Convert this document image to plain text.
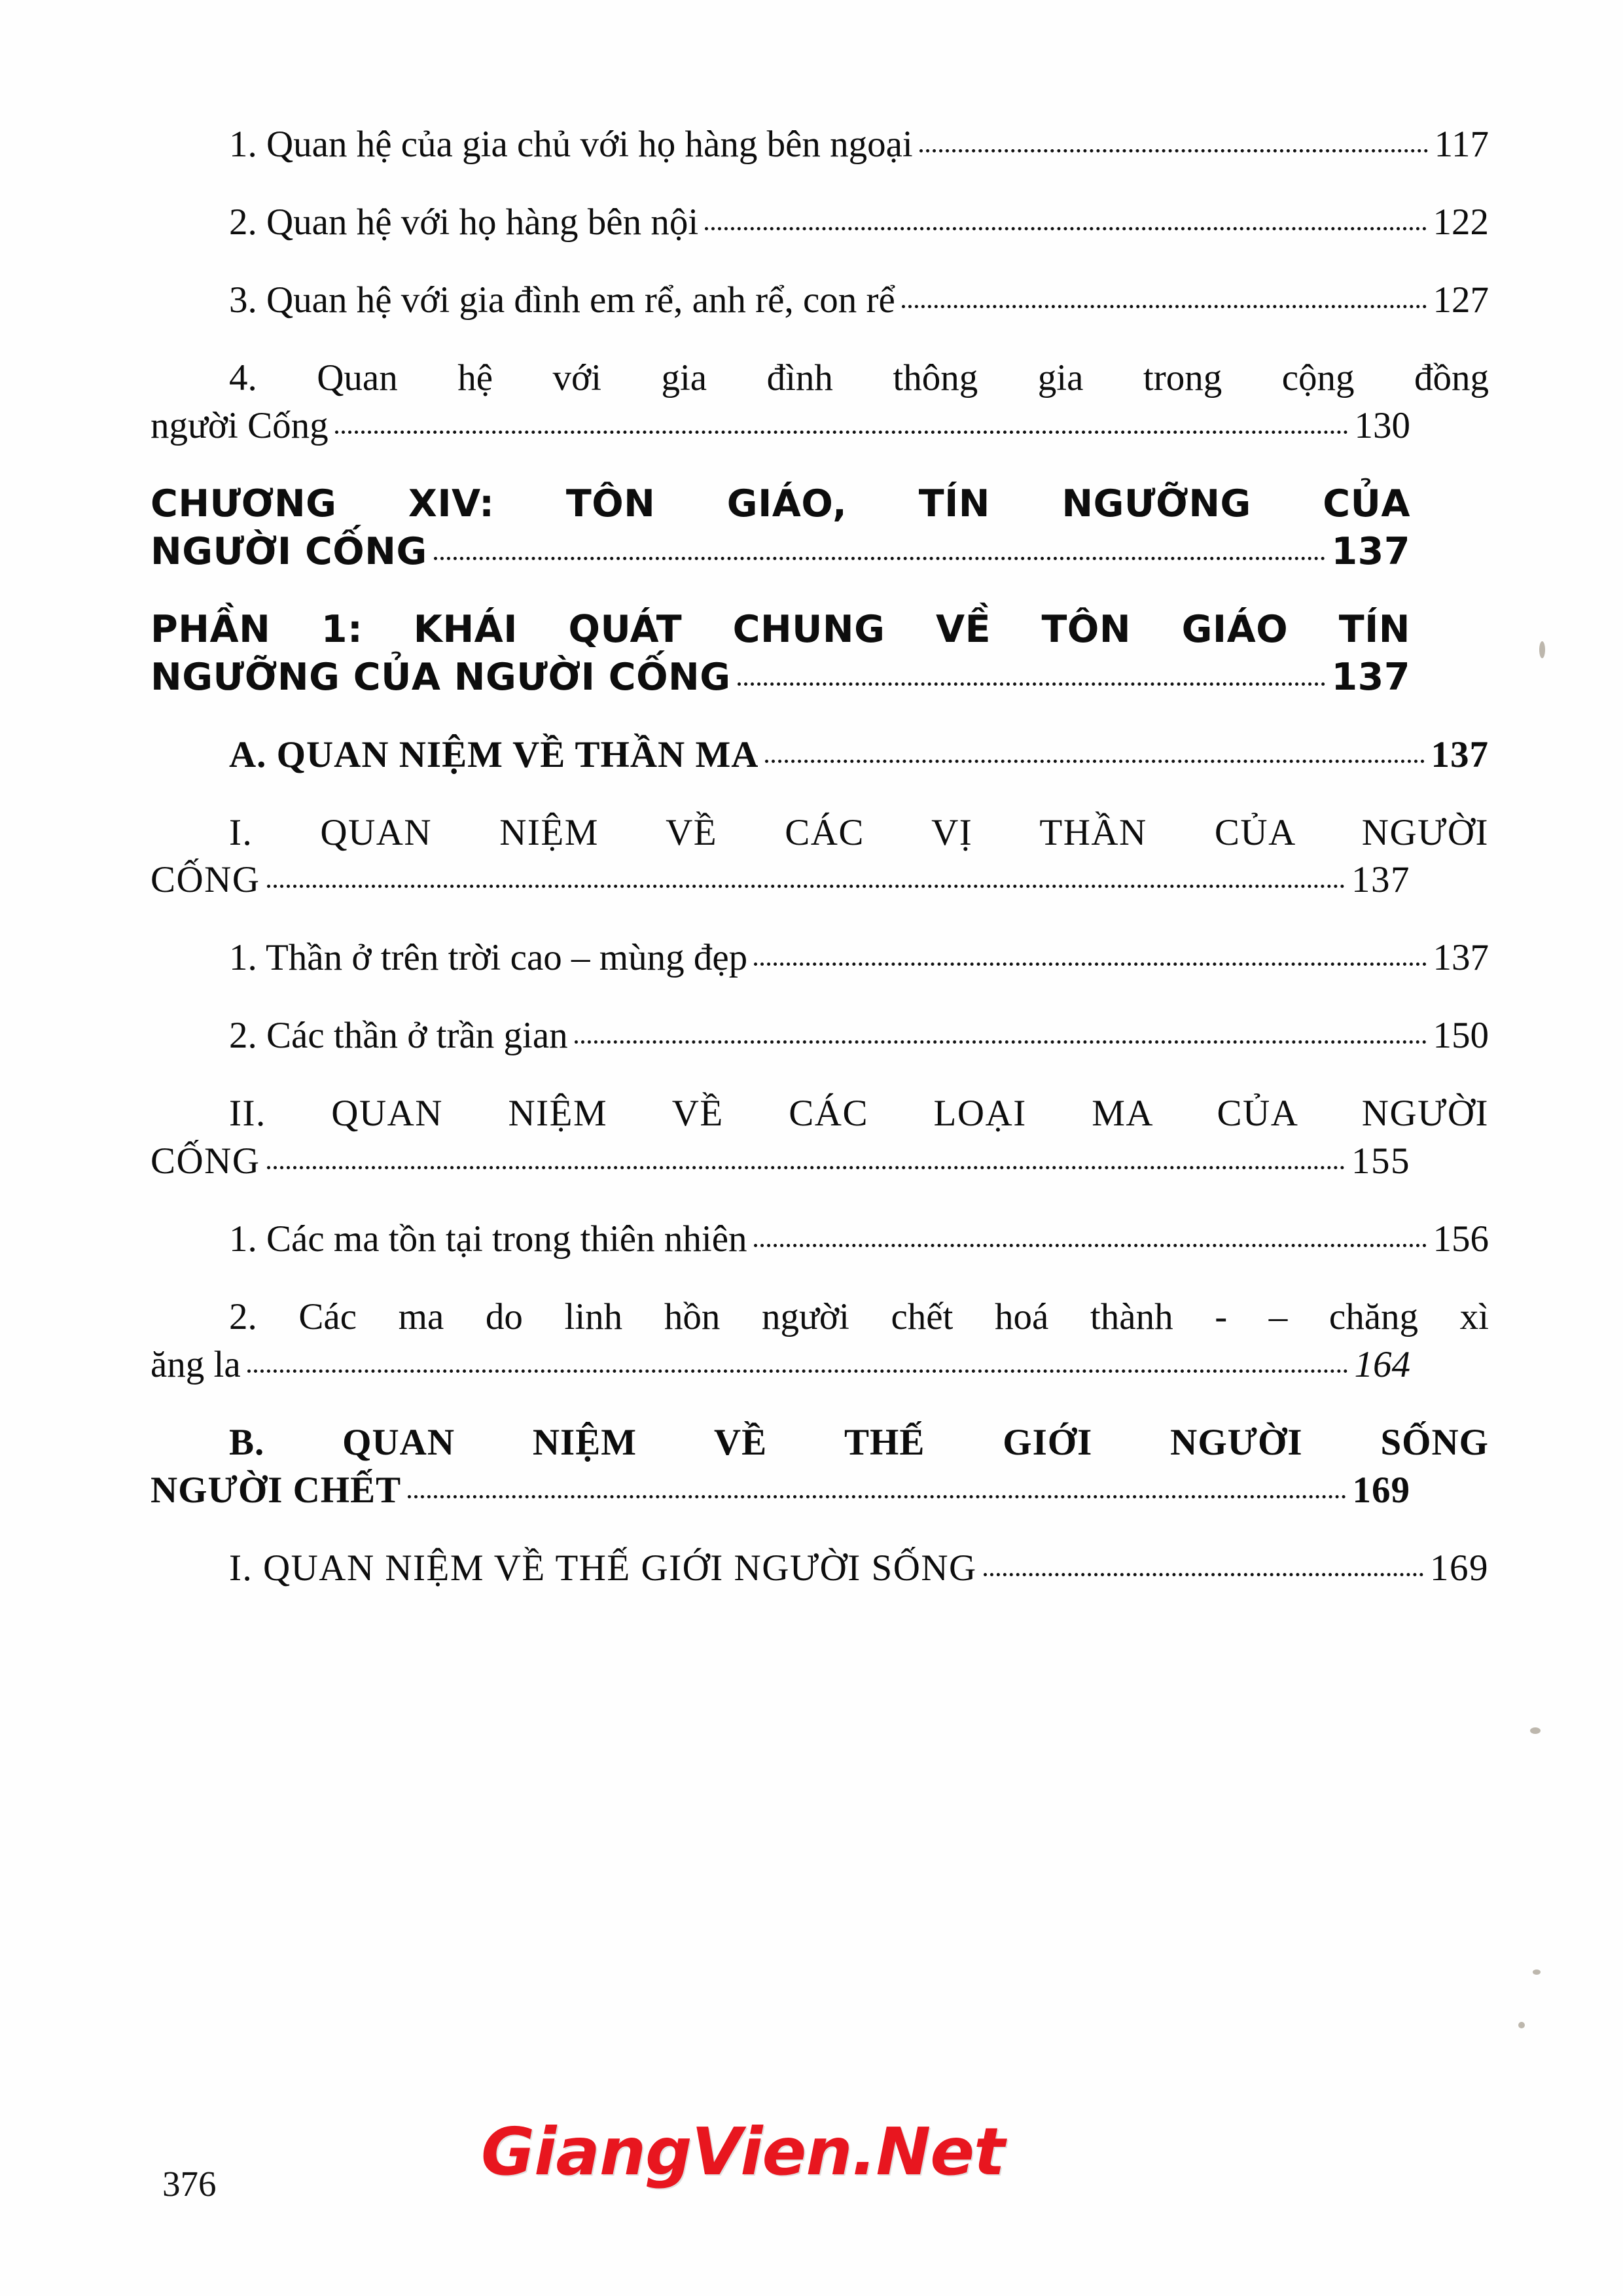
1. Quan hệ của gia chủ với họ hàng bên ngoại	117
2. Quan hệ với họ hàng bên nội	122
3. Quan hệ với gia đình em rể, anh rể, con rể	127
4. Quan hệ với gia đình thông gia trong cộng đồng
người Cống	130
CHƯƠNG XIV: TÔN GIÁO, TÍN NGƯỠNG CỦA
NGƯỜI CỐNG	137
PHẦN 1: KHÁI QUÁT CHUNG VỀ TÔN GIÁO TÍN
NGƯỠNG CỦA NGƯỜI CỐNG	137
A. QUAN NIỆM VỀ THẦN MA	137
I. QUAN NIỆM VỀ CÁC VỊ THẦN CỦA NGƯỜI
CỐNG	137
1. Thần ở trên trời cao – mùng đẹp	137
2. Các thần ở trần gian	150
II. QUAN NIỆM VỀ CÁC LOẠI MA CỦA NGƯỜI
CỐNG	155
1. Các ma tồn tại trong thiên nhiên	156
2. Các ma do linh hồn người chết hoá thành - – chăng xì
ăng la	164
B. QUAN NIỆM VỀ THẾ GIỚI NGƯỜI SỐNG
NGƯỜI CHẾT	169
I. QUAN NIỆM VỀ THẾ GIỚI NGƯỜI SỐNG	169
376	GiangVien.Net
